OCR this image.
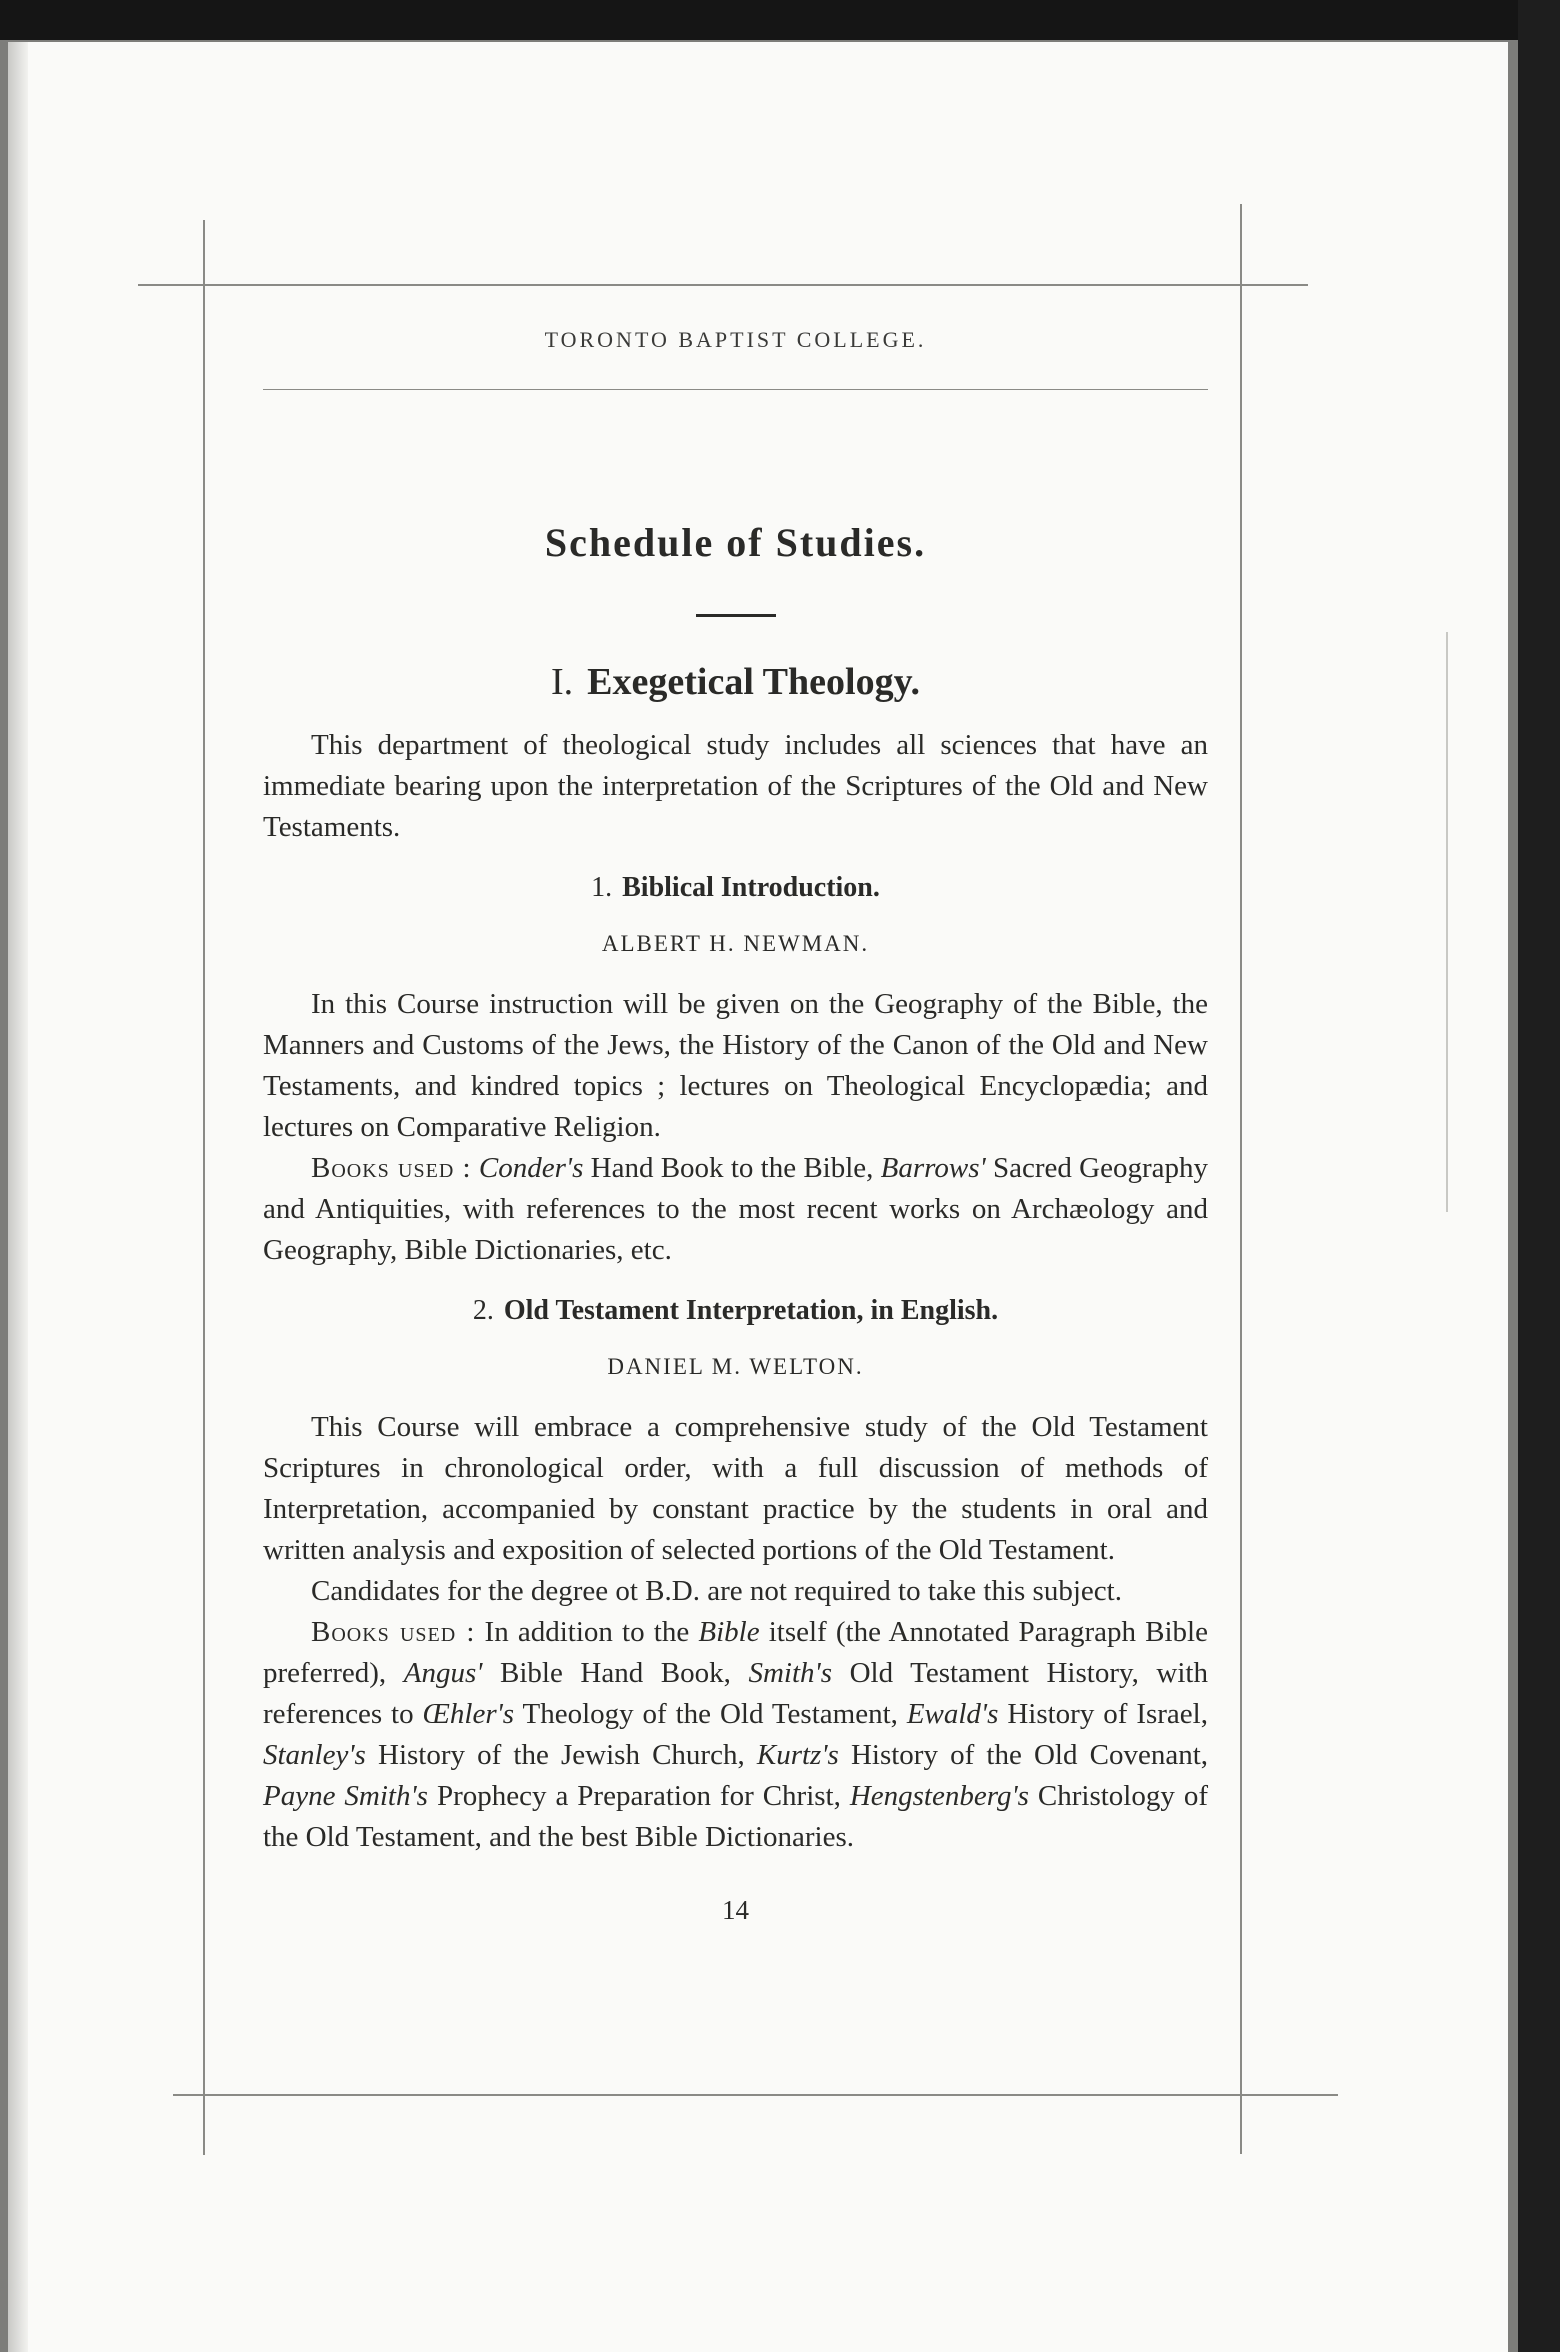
TORONTO BAPTIST COLLEGE.

Schedule of Studies.
I. Exegetical Theology.

This department of theological study includes all sciences that have an immediate bearing upon the interpretation of the Scriptures of the Old and New Testaments.

1. Biblical Introduction.

ALBERT H. NEWMAN.

In this Course instruction will be given on the Geography of the Bible, the Manners and Customs of the Jews, the History of the Canon of the Old and New Testaments, and kindred topics ; lectures on Theological Encyclopædia; and lectures on Comparative Religion.

Books used : Conder's Hand Book to the Bible, Barrows' Sacred Geography and Antiquities, with references to the most recent works on Archæology and Geography, Bible Dictionaries, etc.

2. Old Testament Interpretation, in English.

DANIEL M. WELTON.

This Course will embrace a comprehensive study of the Old Testament Scriptures in chronological order, with a full discussion of methods of Interpretation, accompanied by constant practice by the students in oral and written analysis and exposition of selected portions of the Old Testament.

Candidates for the degree ot B.D. are not required to take this subject.

Books used : In addition to the Bible itself (the Annotated Paragraph Bible preferred), Angus' Bible Hand Book, Smith's Old Testament History, with references to Œhler's Theology of the Old Testament, Ewald's History of Israel, Stanley's History of the Jewish Church, Kurtz's History of the Old Covenant, Payne Smith's Prophecy a Preparation for Christ, Hengstenberg's Christology of the Old Testament, and the best Bible Dictionaries.

14
